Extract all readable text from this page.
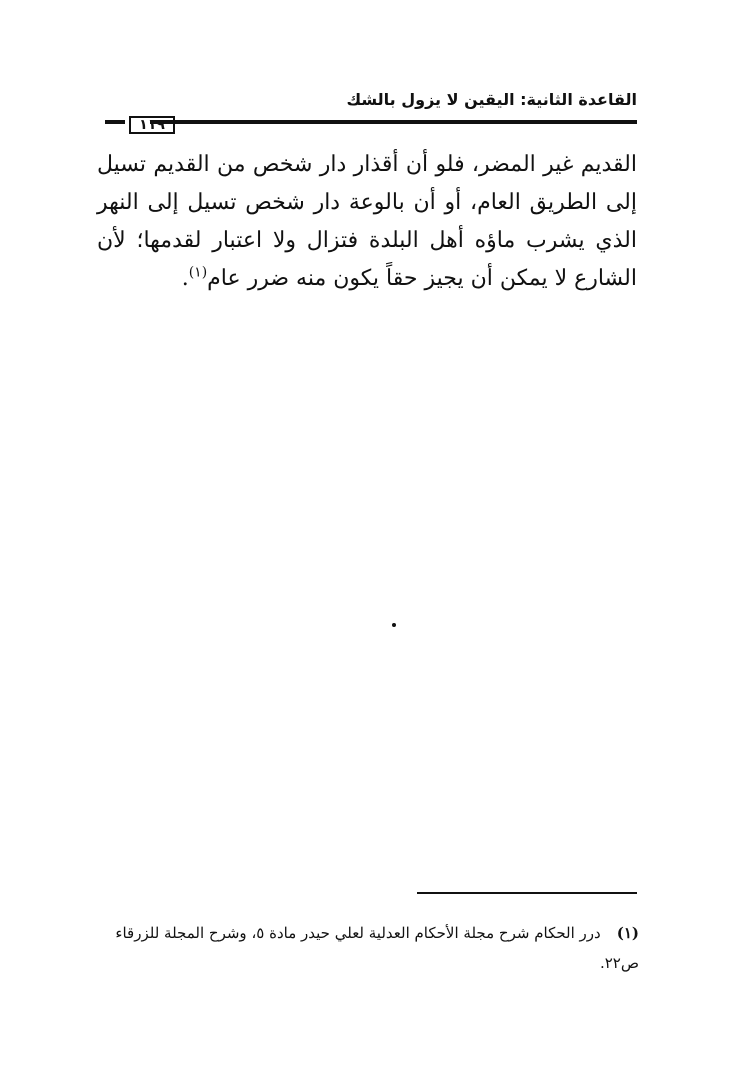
القاعدة الثانية: اليقين لا يزول بالشك
١١٩

القديم غير المضر، فلو أن أقذار دار شخص من القديم تسيل إلى الطريق العام، أو أن بالوعة دار شخص تسيل إلى النهر الذي يشرب ماؤه أهل البلدة فتزال ولا اعتبار لقدمها؛ لأن الشارع لا يمكن أن يجيز حقاً يكون منه ضرر عام$^{(١)}$.

(١)درر الحكام شرح مجلة الأحكام العدلية لعلي حيدر مادة ٥، وشرح المجلة للزرقاء ص٢٢.
